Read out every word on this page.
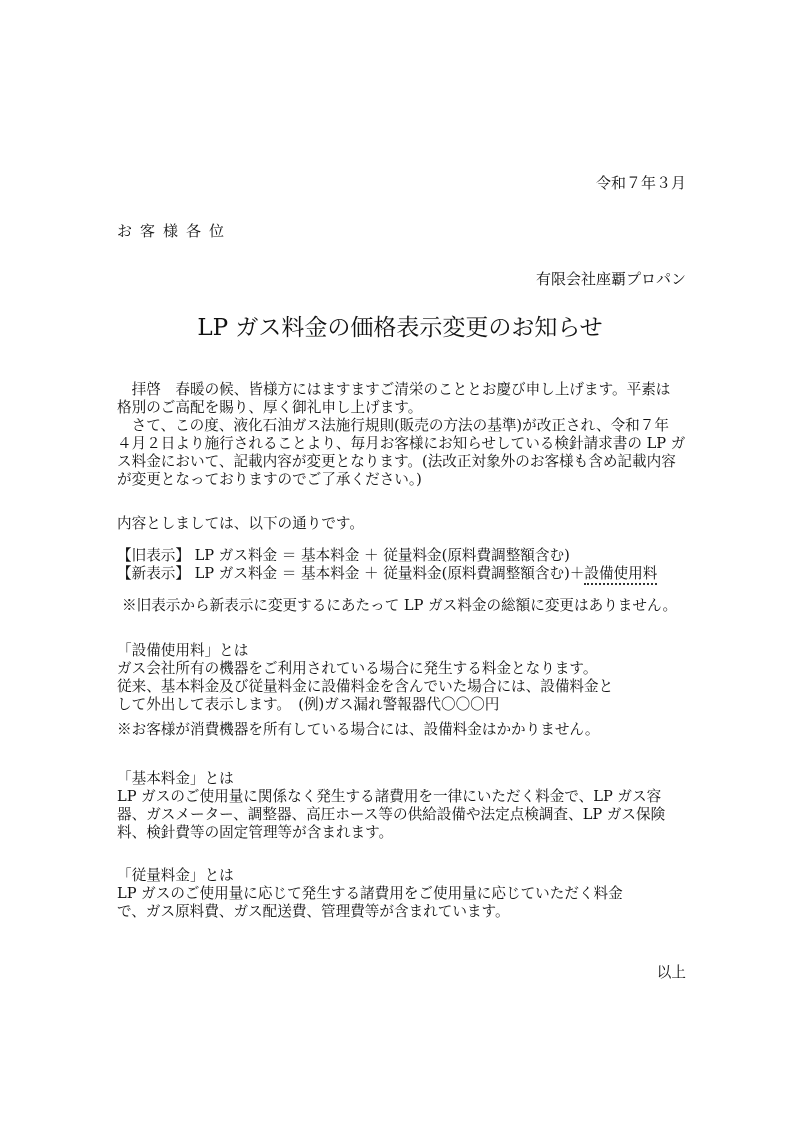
令和７年３月
お客様各位
有限会社座覇プロパン
LP ガス料金の価格表示変更のお知らせ
　拝啓　春暖の候、皆様方にはますますご清栄のこととお慶び申し上げます。平素は
格別のご高配を賜り、厚く御礼申し上げます。
　さて、この度、液化石油ガス法施行規則(販売の方法の基準)が改正され、令和７年
４月２日より施行されることより、毎月お客様にお知らせしている検針請求書の LP ガ
ス料金において、記載内容が変更となります。(法改正対象外のお客様も含め記載内容
が変更となっておりますのでご了承ください。)
内容としましては、以下の通りです。
【旧表示】 LP ガス料金 ＝ 基本料金 ＋ 従量料金(原料費調整額含む)
【新表示】 LP ガス料金 ＝ 基本料金 ＋ 従量料金(原料費調整額含む)＋設備使用料
※旧表示から新表示に変更するにあたって LP ガス料金の総額に変更はありません。
「設備使用料」とは
ガス会社所有の機器をご利用されている場合に発生する料金となります。
従来、基本料金及び従量料金に設備料金を含んでいた場合には、設備料金と
して外出して表示します。　(例)ガス漏れ警報器代〇〇〇円
※お客様が消費機器を所有している場合には、設備料金はかかりません。
「基本料金」とは
LP ガスのご使用量に関係なく発生する諸費用を一律にいただく料金で、LP ガス容
器、ガスメーター、調整器、高圧ホース等の供給設備や法定点検調査、LP ガス保険
料、検針費等の固定管理等が含まれます。
「従量料金」とは
LP ガスのご使用量に応じて発生する諸費用をご使用量に応じていただく料金
で、ガス原料費、ガス配送費、管理費等が含まれています。
以上
